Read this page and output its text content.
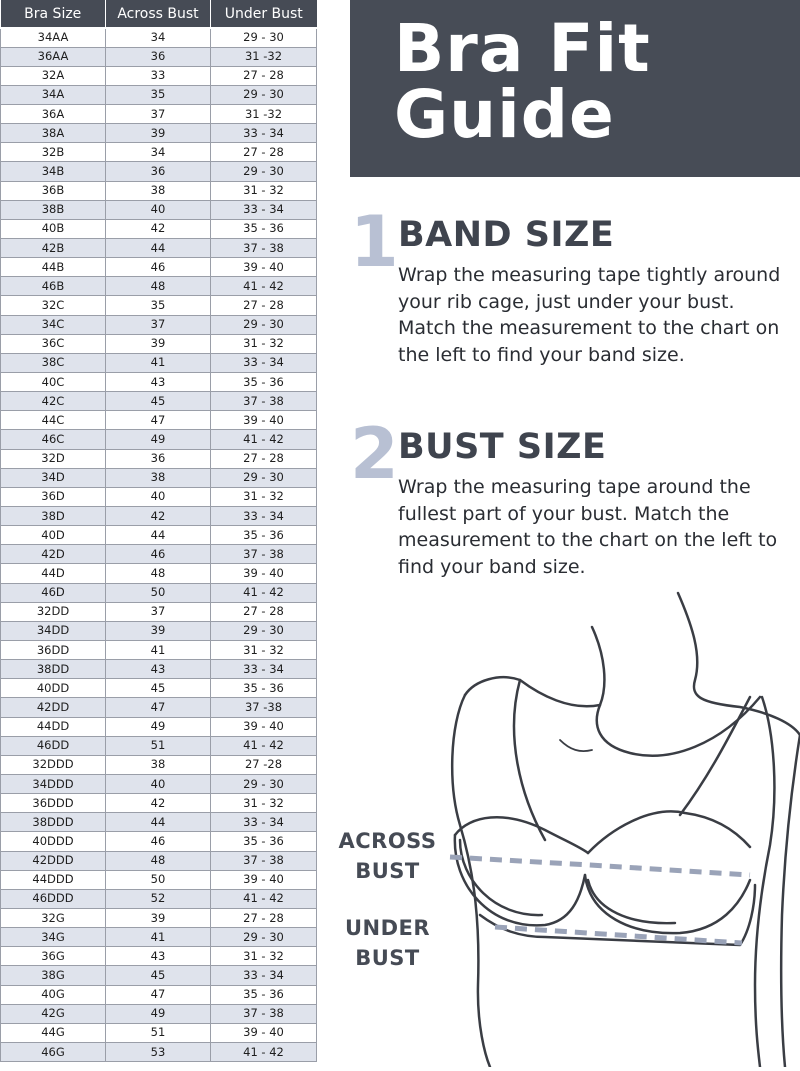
Bra Size	Across Bust	Under Bust
34AA	34	29 - 30
36AA	36	31 -32
32A	33	27 - 28
34A	35	29 - 30
36A	37	31 -32
38A	39	33 - 34
32B	34	27 - 28
34B	36	29 - 30
36B	38	31 - 32
38B	40	33 - 34
40B	42	35 - 36
42B	44	37 - 38
44B	46	39 - 40
46B	48	41 - 42
32C	35	27 - 28
34C	37	29 - 30
36C	39	31 - 32
38C	41	33 - 34
40C	43	35 - 36
42C	45	37 - 38
44C	47	39 - 40
46C	49	41 - 42
32D	36	27 - 28
34D	38	29 - 30
36D	40	31 - 32
38D	42	33 - 34
40D	44	35 - 36
42D	46	37 - 38
44D	48	39 - 40
46D	50	41 - 42
32DD	37	27 - 28
34DD	39	29 - 30
36DD	41	31 - 32
38DD	43	33 - 34
40DD	45	35 - 36
42DD	47	37 -38
44DD	49	39 - 40
46DD	51	41 - 42
32DDD	38	27 -28
34DDD	40	29 - 30
36DDD	42	31 - 32
38DDD	44	33 - 34
40DDD	46	35 - 36
42DDD	48	37 - 38
44DDD	50	39 - 40
46DDD	52	41 - 42
32G	39	27 - 28
34G	41	29 - 30
36G	43	31 - 32
38G	45	33 - 34
40G	47	35 - 36
42G	49	37 - 38
44G	51	39 - 40
46G	53	41 - 42
Bra Fit
Guide
1 BAND SIZE
Wrap the measuring tape tightly around your rib cage, just under your bust. Match the measurement to the chart on the left to find your band size.
2 BUST SIZE
Wrap the measuring tape around the fullest part of your bust. Match the measurement to the chart on the left to find your band size.
ACROSS
BUST
UNDER
BUST
